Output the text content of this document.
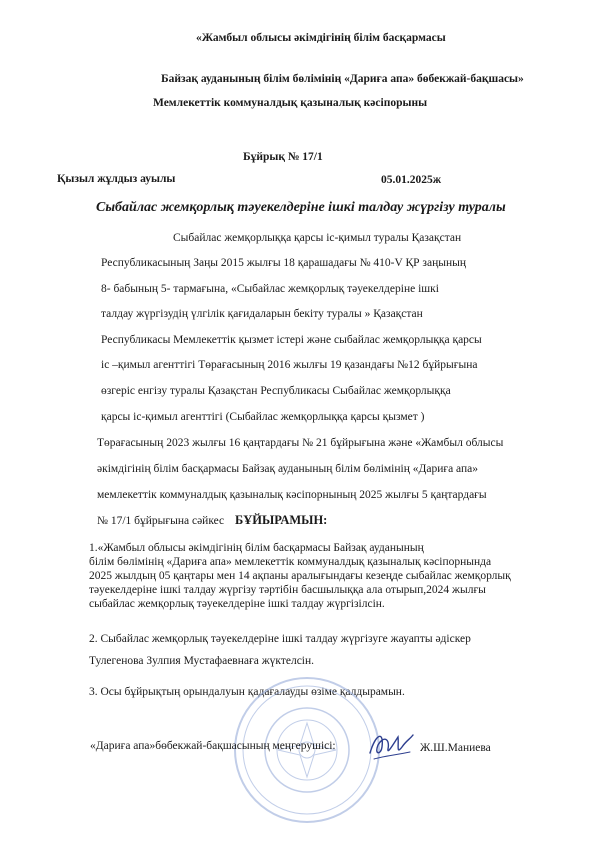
«Жамбыл облысы әкімдігінің білім басқармасы
Байзақ ауданының білім бөлімінің «Дариға апа» бөбекжай-бақшасы»
Мемлекеттік коммуналдық қазыналық кәсіпорыны
Бұйрық № 17/1
Қызыл жұлдыз ауылы	05.01.2025ж
Сыбайлас жемқорлық тәуекелдеріне ішкі талдау жүргізу туралы
Сыбайлас жемқорлыққа қарсы іс-қимыл туралы Қазақстан
Республикасының Заңы 2015 жылғы 18 қарашадағы № 410-V ҚР заңының
8- бабының 5- тармағына, «Сыбайлас жемқорлық тәуекелдеріне ішкі
талдау жүргізудің үлгілік қағидаларын бекіту туралы » Қазақстан
Республикасы Мемлекеттік қызмет істері және сыбайлас жемқорлыққа қарсы
іс –қимыл агенттігі Төрағасының 2016 жылғы 19 қазандағы №12 бұйрығына
өзгеріс енгізу туралы Қазақстан Республикасы Сыбайлас жемқорлыққа
қарсы іс-қимыл агенттігі (Сыбайлас жемқорлыққа қарсы қызмет )
Төрағасының 2023 жылғы 16 қаңтардағы № 21 бұйрығына және «Жамбыл облысы
әкімдігінің білім басқармасы Байзақ ауданының білім бөлімінің «Дариға апа»
мемлекеттік коммуналдық қазыналық кәсіпорнының 2025 жылғы 5 қаңтардағы
№ 17/1 бұйрығына сәйкес БҰЙЫРАМЫН:
1.«Жамбыл облысы әкімдігінің білім басқармасы Байзақ ауданының
білім бөлімінің «Дариға апа» мемлекеттік коммуналдық қазыналық кәсіпорнында
2025 жылдың 05 қаңтары мен 14 ақпаны аралығындағы кезеңде сыбайлас жемқорлық
тәуекелдеріне ішкі талдау жүргізу тәртібін басшылыққа ала отырып,2024 жылғы
сыбайлас жемқорлық тәуекелдеріне ішкі талдау жүргізілсін.
2. Сыбайлас жемқорлық тәуекелдеріне ішкі талдау жүргізуге жауапты әдіскер
Тулегенова Зулпия Мустафаевнаға жүктелсін.
3. Осы бұйрықтың орындалуын қадағалауды өзіме қалдырамын.
«Дариға апа»бөбекжай-бақшасының меңгерушісі:	Ж.Ш.Маниева
